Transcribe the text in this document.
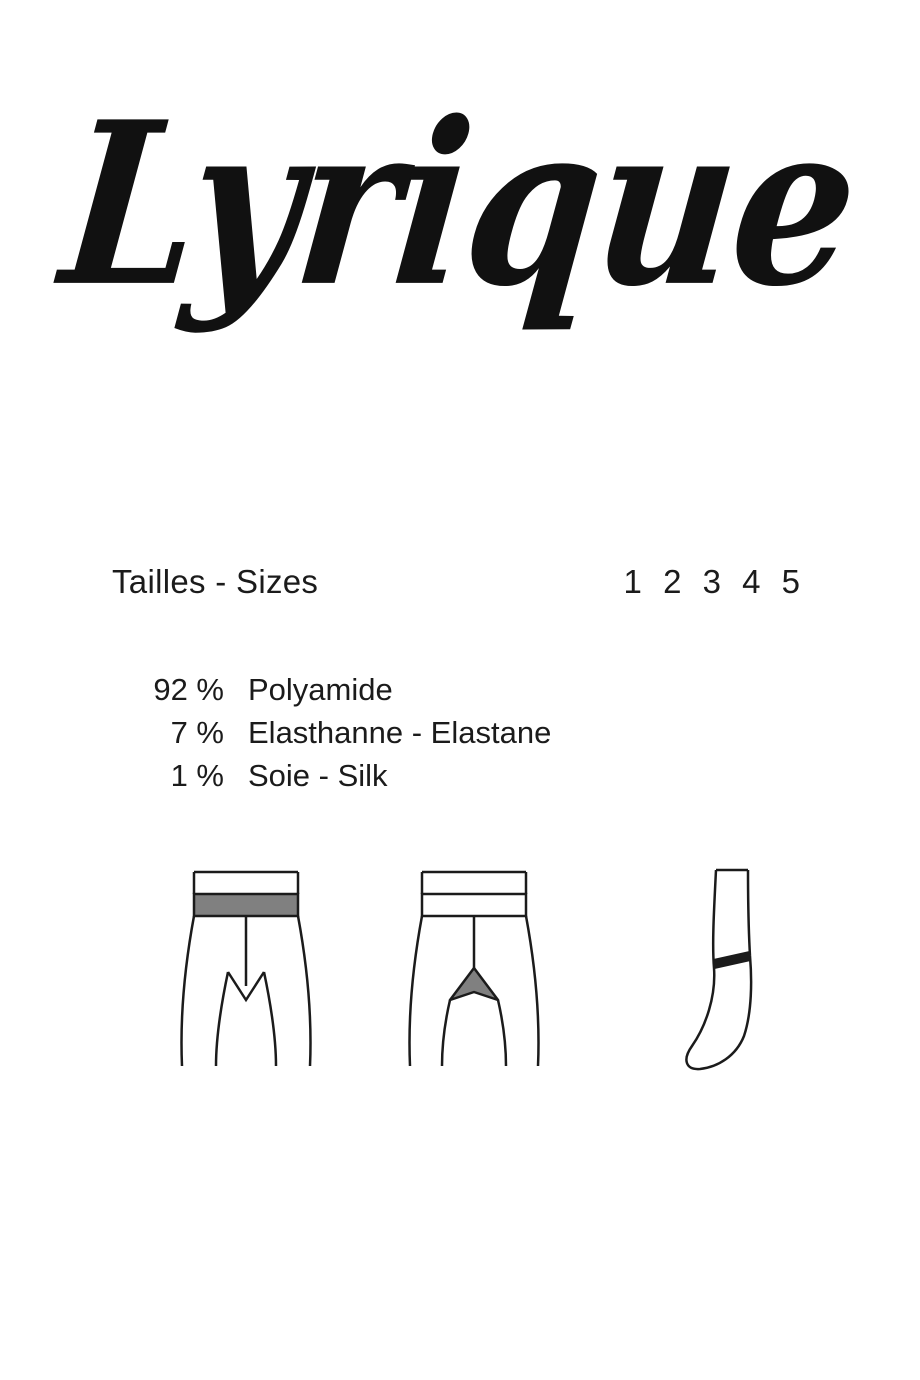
Lyrique
Tailles - Sizes	1 2 3 4 5
92 % Polyamide
7 % Elasthanne - Elastane
1 % Soie - Silk
